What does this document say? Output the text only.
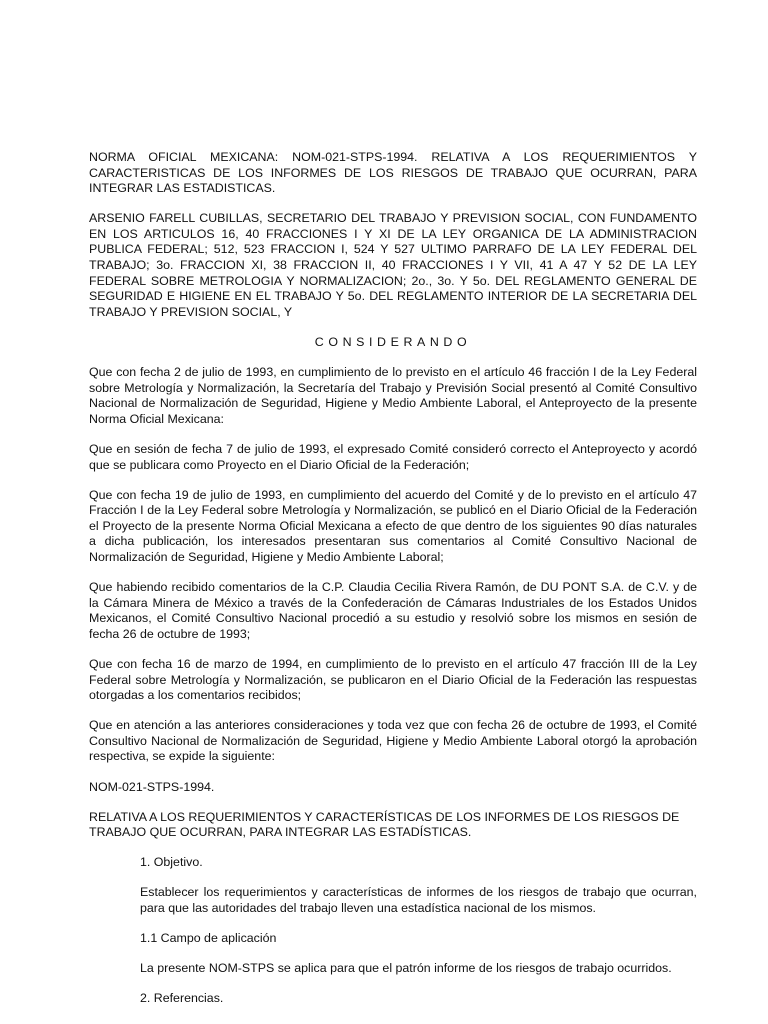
NORMA OFICIAL MEXICANA: NOM-021-STPS-1994. RELATIVA A LOS REQUERIMIENTOS Y CARACTERISTICAS DE LOS INFORMES DE LOS RIESGOS DE TRABAJO QUE OCURRAN, PARA INTEGRAR LAS ESTADISTICAS.

ARSENIO FARELL CUBILLAS, SECRETARIO DEL TRABAJO Y PREVISION SOCIAL, CON FUNDAMENTO EN LOS ARTICULOS 16, 40 FRACCIONES I Y XI DE LA LEY ORGANICA DE LA ADMINISTRACION PUBLICA FEDERAL; 512, 523 FRACCION I, 524 Y 527 ULTIMO PARRAFO DE LA LEY FEDERAL DEL TRABAJO; 3o. FRACCION XI, 38 FRACCION II, 40 FRACCIONES I Y VII, 41 A 47 Y 52 DE LA LEY FEDERAL SOBRE METROLOGIA Y NORMALIZACION; 2o., 3o. Y 5o. DEL REGLAMENTO GENERAL DE SEGURIDAD E HIGIENE EN EL TRABAJO Y 5o. DEL REGLAMENTO INTERIOR DE LA SECRETARIA DEL TRABAJO Y PREVISION SOCIAL, Y

CONSIDERANDO

Que con fecha 2 de julio de 1993, en cumplimiento de lo previsto en el artículo 46 fracción I de la Ley Federal sobre Metrología y Normalización, la Secretaría del Trabajo y Previsión Social presentó al Comité Consultivo Nacional de Normalización de Seguridad, Higiene y Medio Ambiente Laboral, el Anteproyecto de la presente Norma Oficial Mexicana:

Que en sesión de fecha 7 de julio de 1993, el expresado Comité consideró correcto el Anteproyecto y acordó que se publicara como Proyecto en el Diario Oficial de la Federación;

Que con fecha 19 de julio de 1993, en cumplimiento del acuerdo del Comité y de lo previsto en el artículo 47 Fracción I de la Ley Federal sobre Metrología y Normalización, se publicó en el Diario Oficial de la Federación el Proyecto de la presente Norma Oficial Mexicana a efecto de que dentro de los siguientes 90 días naturales a dicha publicación, los interesados presentaran sus comentarios al Comité Consultivo Nacional de Normalización de Seguridad, Higiene y Medio Ambiente Laboral;

Que habiendo recibido comentarios de la C.P. Claudia Cecilia Rivera Ramón, de DU PONT S.A. de C.V. y de la Cámara Minera de México a través de la Confederación de Cámaras Industriales de los Estados Unidos Mexicanos, el Comité Consultivo Nacional procedió a su estudio y resolvió sobre los mismos en sesión de fecha 26 de octubre de 1993;

Que con fecha 16 de marzo de 1994, en cumplimiento de lo previsto en el artículo 47 fracción III de la Ley Federal sobre Metrología y Normalización, se publicaron en el Diario Oficial de la Federación las respuestas otorgadas a los comentarios recibidos;

Que en atención a las anteriores consideraciones y toda vez que con fecha 26 de octubre de 1993, el Comité Consultivo Nacional de Normalización de Seguridad, Higiene y Medio Ambiente Laboral otorgó la aprobación respectiva, se expide la siguiente:

NOM-021-STPS-1994.

RELATIVA A LOS REQUERIMIENTOS Y CARACTERÍSTICAS DE LOS INFORMES DE LOS RIESGOS DE TRABAJO QUE OCURRAN, PARA INTEGRAR LAS ESTADÍSTICAS.

1. Objetivo.

Establecer los requerimientos y características de informes de los riesgos de trabajo que ocurran, para que las autoridades del trabajo lleven una estadística nacional de los mismos.

1.1 Campo de aplicación

La presente NOM-STPS se aplica para que el patrón informe de los riesgos de trabajo ocurridos.

2. Referencias.
